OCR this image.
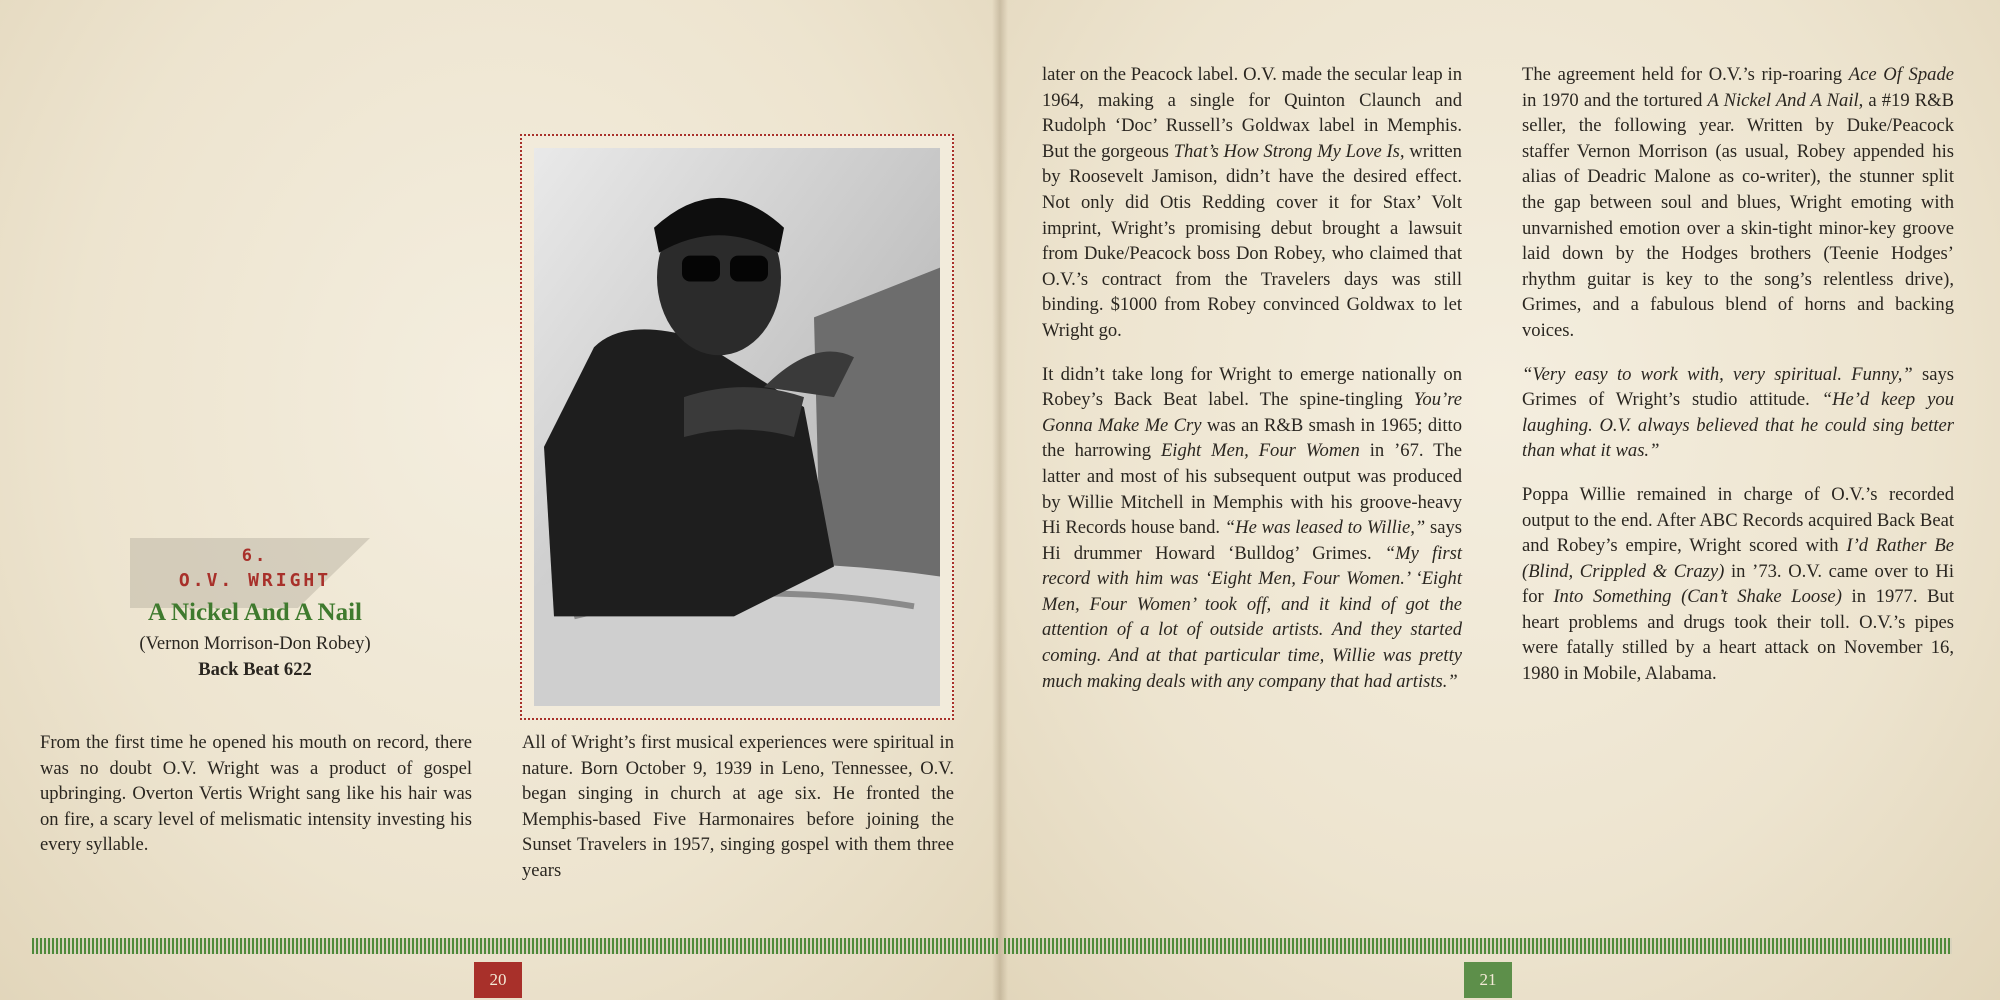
6.
O.V. WRIGHT
A Nickel And A Nail
(Vernon Morrison-Don Robey)
Back Beat 622

From the first time he opened his mouth on record, there was no doubt O.V. Wright was a product of gospel upbringing. Overton Vertis Wright sang like his hair was on fire, a scary level of melismatic intensity investing his every syllable.

All of Wright’s first musical experiences were spiritual in nature. Born October 9, 1939 in Leno, Tennessee, O.V. began singing in church at age six. He fronted the Memphis-based Five Harmonaires before joining the Sunset Travelers in 1957, singing gospel with them three years

later on the Peacock label. O.V. made the secular leap in 1964, making a single for Quinton Claunch and Rudolph ‘Doc’ Russell’s Goldwax label in Memphis. But the gorgeous That’s How Strong My Love Is, written by Roosevelt Jamison, didn’t have the desired effect. Not only did Otis Redding cover it for Stax’ Volt imprint, Wright’s promising debut brought a lawsuit from Duke/Peacock boss Don Robey, who claimed that O.V.’s contract from the Travelers days was still binding. $1000 from Robey convinced Goldwax to let Wright go.

It didn’t take long for Wright to emerge nationally on Robey’s Back Beat label. The spine-tingling You’re Gonna Make Me Cry was an R&B smash in 1965; ditto the harrowing Eight Men, Four Women in ’67. The latter and most of his subsequent output was produced by Willie Mitchell in Memphis with his groove-heavy Hi Records house band. “He was leased to Willie,” says Hi drummer Howard ‘Bulldog’ Grimes. “My first record with him was ‘Eight Men, Four Women.’ ‘Eight Men, Four Women’ took off, and it kind of got the attention of a lot of outside artists. And they started coming. And at that particular time, Willie was pretty much making deals with any company that had artists.”

The agreement held for O.V.’s rip-roaring Ace Of Spade in 1970 and the tortured A Nickel And A Nail, a #19 R&B seller, the following year. Written by Duke/Peacock staffer Vernon Morrison (as usual, Robey appended his alias of Deadric Malone as co-writer), the stunner split the gap between soul and blues, Wright emoting with unvarnished emotion over a skin-tight minor-key groove laid down by the Hodges brothers (Teenie Hodges’ rhythm guitar is key to the song’s relentless drive), Grimes, and a fabulous blend of horns and backing voices.

“Very easy to work with, very spiritual. Funny,” says Grimes of Wright’s studio attitude. “He’d keep you laughing. O.V. always believed that he could sing better than what it was.”

Poppa Willie remained in charge of O.V.’s recorded output to the end. After ABC Records acquired Back Beat and Robey’s empire, Wright scored with I’d Rather Be (Blind, Crippled & Crazy) in ’73. O.V. came over to Hi for Into Something (Can’t Shake Loose) in 1977. But heart problems and drugs took their toll. O.V.’s pipes were fatally stilled by a heart attack on November 16, 1980 in Mobile, Alabama.

20	21
